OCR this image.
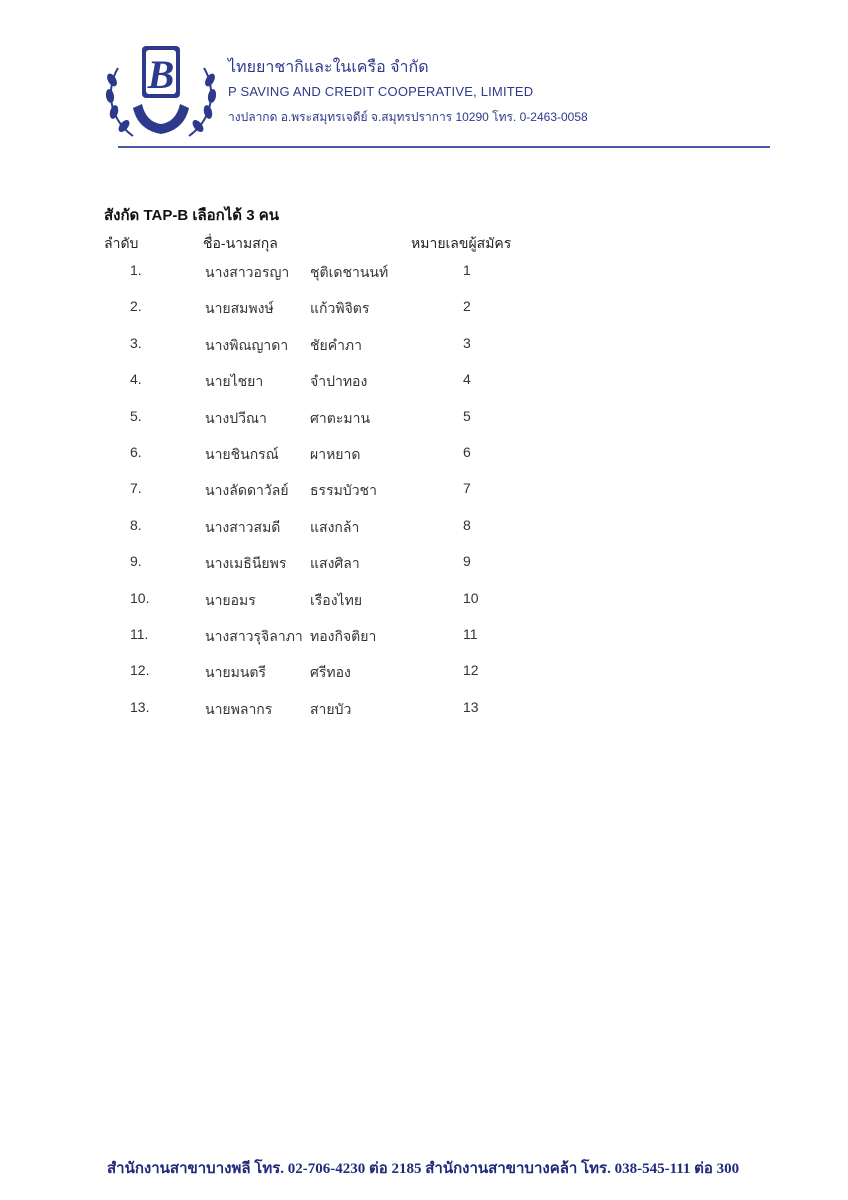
B	ไทยยาชากิและในเครือ จำกัด
P SAVING AND CREDIT COOPERATIVE, LIMITED
างปลากด อ.พระสมุทรเจดีย์ จ.สมุทรปราการ 10290 โทร. 0-2463-0058
สังกัด TAP-B เลือกได้ 3 คน
ลำดับ	ชื่อ-นามสกุล	หมายเลขผู้สมัคร
1.	นางสาวอรญา ชุติเดชานนท์	1
2.	นายสมพงษ์	แก้วพิจิตร	2
3.	นางพิณญาดา ชัยคำภา	3
4.	นายไชยา	จำปาทอง	4
5.	นางปวีณา	ศาตะมาน	5
6.	นายชินกรณ์ ผาหยาด	6
7.	นางลัดดาวัลย์ ธรรมบัวชา	7
8.	นางสาวสมดี แสงกล้า	8
9.	นางเมธินียพร แสงศิลา	9
10.	นายอมร	เรืองไทย	10
11.	นางสาวรุจิลาภา ทองกิจติยา	11
12.	นายมนตรี	ศรีทอง	12
13.	นายพลากร	สายบัว	13
สำนักงานสาขาบางพลี โทร. 02-706-4230 ต่อ 2185 สำนักงานสาขาบางคล้า โทร. 038-545-111 ต่อ 300
